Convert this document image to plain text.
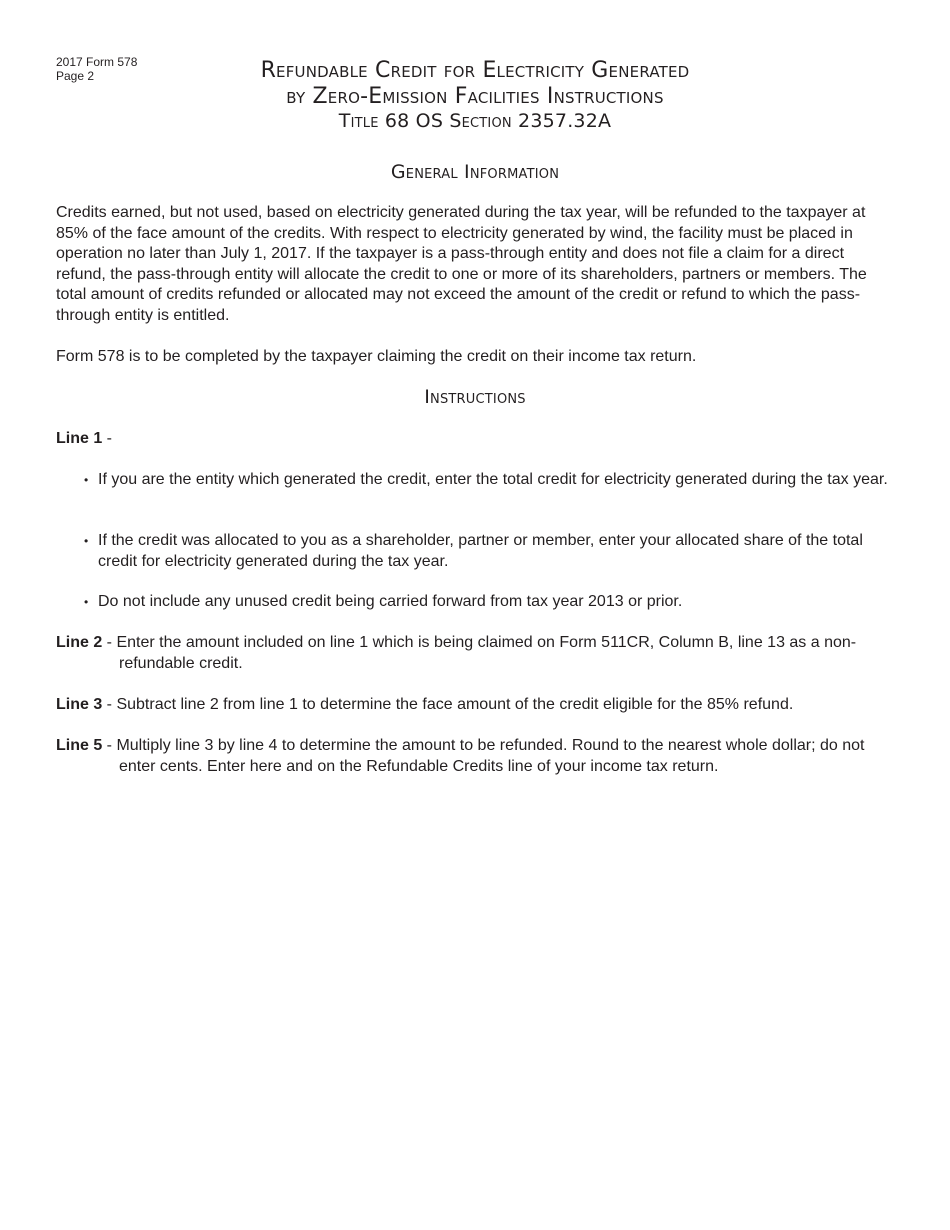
2017 Form 578
Page 2	Refundable Credit for Electricity Generated
by Zero-Emission Facilities Instructions
Title 68 OS Section 2357.32A
General Information
Credits earned, but not used, based on electricity generated during the tax year, will be refunded to the taxpayer at 85% of the face amount of the credits. With respect to electricity generated by wind, the facility must be placed in operation no later than July 1, 2017. If the taxpayer is a pass-through entity and does not file a claim for a direct refund, the pass-through entity will allocate the credit to one or more of its shareholders, partners or members. The total amount of credits refunded or allocated may not exceed the amount of the credit or refund to which the pass-through entity is entitled.
Form 578 is to be completed by the taxpayer claiming the credit on their income tax return.
Instructions
Line 1 -
• If you are the entity which generated the credit, enter the total credit for electricity generated during the tax year.
• If the credit was allocated to you as a shareholder, partner or member, enter your allocated share of the total credit for electricity generated during the tax year.
• Do not include any unused credit being carried forward from tax year 2013 or prior.
Line 2 - Enter the amount included on line 1 which is being claimed on Form 511CR, Column B, line 13 as a non-refundable credit.
Line 3 - Subtract line 2 from line 1 to determine the face amount of the credit eligible for the 85% refund.
Line 5 - Multiply line 3 by line 4 to determine the amount to be refunded. Round to the nearest whole dollar; do not enter cents. Enter here and on the Refundable Credits line of your income tax return.
